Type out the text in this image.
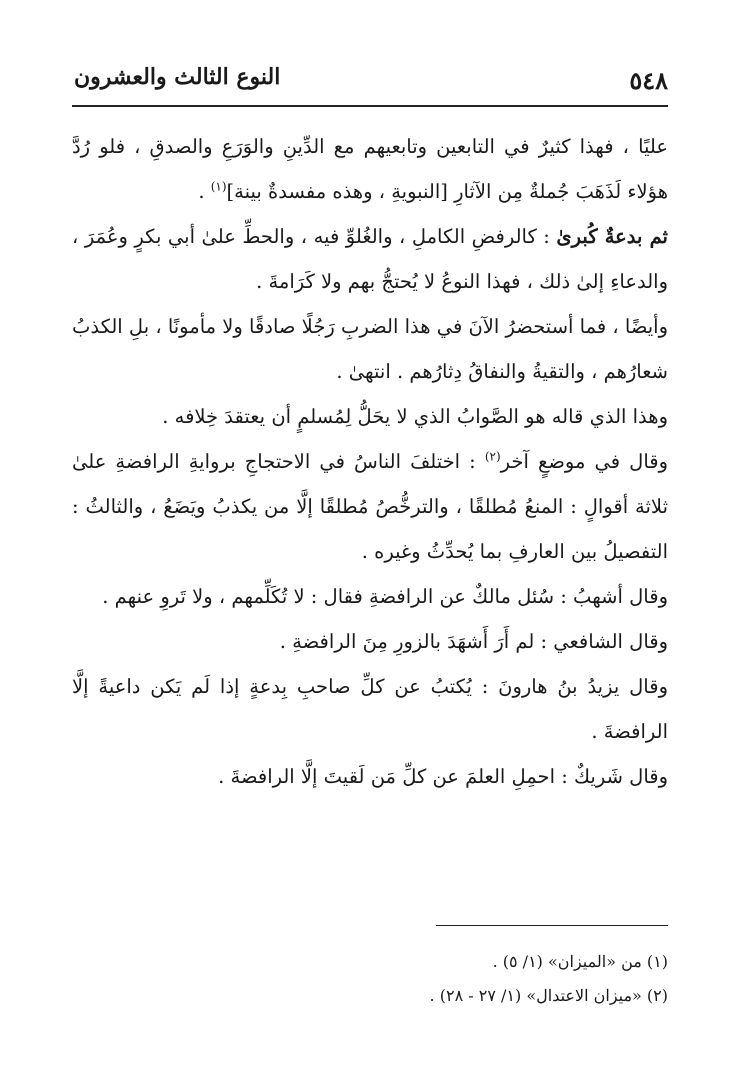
٥٤٨
النوع الثالث والعشرون

عليًا ، فهذا كثيرٌ في التابعين وتابعيهم مع الدِّينِ والوَرَعِ والصدقِ ، فلو رُدَّ هؤلاء لَذَهَبَ جُملةٌ مِن الآثارِ [النبويةِ ، وهذه مفسدةٌ بينة]$^{(١)}$ .

ثم بدعةٌ كُبرىٰ : كالرفضِ الكاملِ ، والغُلوِّ فيه ، والحطِّ علىٰ أبي بكرٍ وعُمَرَ ، والدعاءِ إلىٰ ذلك ، فهذا النوعُ لا يُحتجُّ بهم ولا كَرَامةَ .

وأيضًا ، فما أستحضرُ الآنَ في هذا الضربِ رَجُلًا صادقًا ولا مأمونًا ، بلِ الكذبُ شعارُهم ، والتقيةُ والنفاقُ دِثارُهم . انتهىٰ .

وهذا الذي قاله هو الصَّوابُ الذي لا يحَلُّ لِمُسلمٍ أن يعتقدَ خِلافه .

وقال في موضعٍ آخر$^{(٢)}$ : اختلفَ الناسُ في الاحتجاجِ بروايةِ الرافضةِ علىٰ ثلاثة أقوالٍ : المنعُ مُطلقًا ، والترخُّصُ مُطلقًا إلَّا من يكذبُ ويَضَعُ ، والثالثُ : التفصيلُ بين العارفِ بما يُحدِّثُ وغيره .

وقال أشهبُ : سُئل مالكٌ عن الرافضةِ فقال : لا تُكَلِّمهم ، ولا تَروِ عنهم .

وقال الشافعي : لم أَرَ أَشهَدَ بالزورِ مِنَ الرافضةِ .

وقال يزيدُ بنُ هارونَ : يُكتبُ عن كلِّ صاحبِ بِدعةٍ إذا لَم يَكن داعيةً إلَّا الرافضةَ .

وقال شَريكٌ : احمِلِ العلمَ عن كلِّ مَن لَقيتَ إلَّا الرافضةَ .

(١) من «الميزان» (١/ ٥) .

(٢) «ميزان الاعتدال» (١/ ٢٧ - ٢٨) .
